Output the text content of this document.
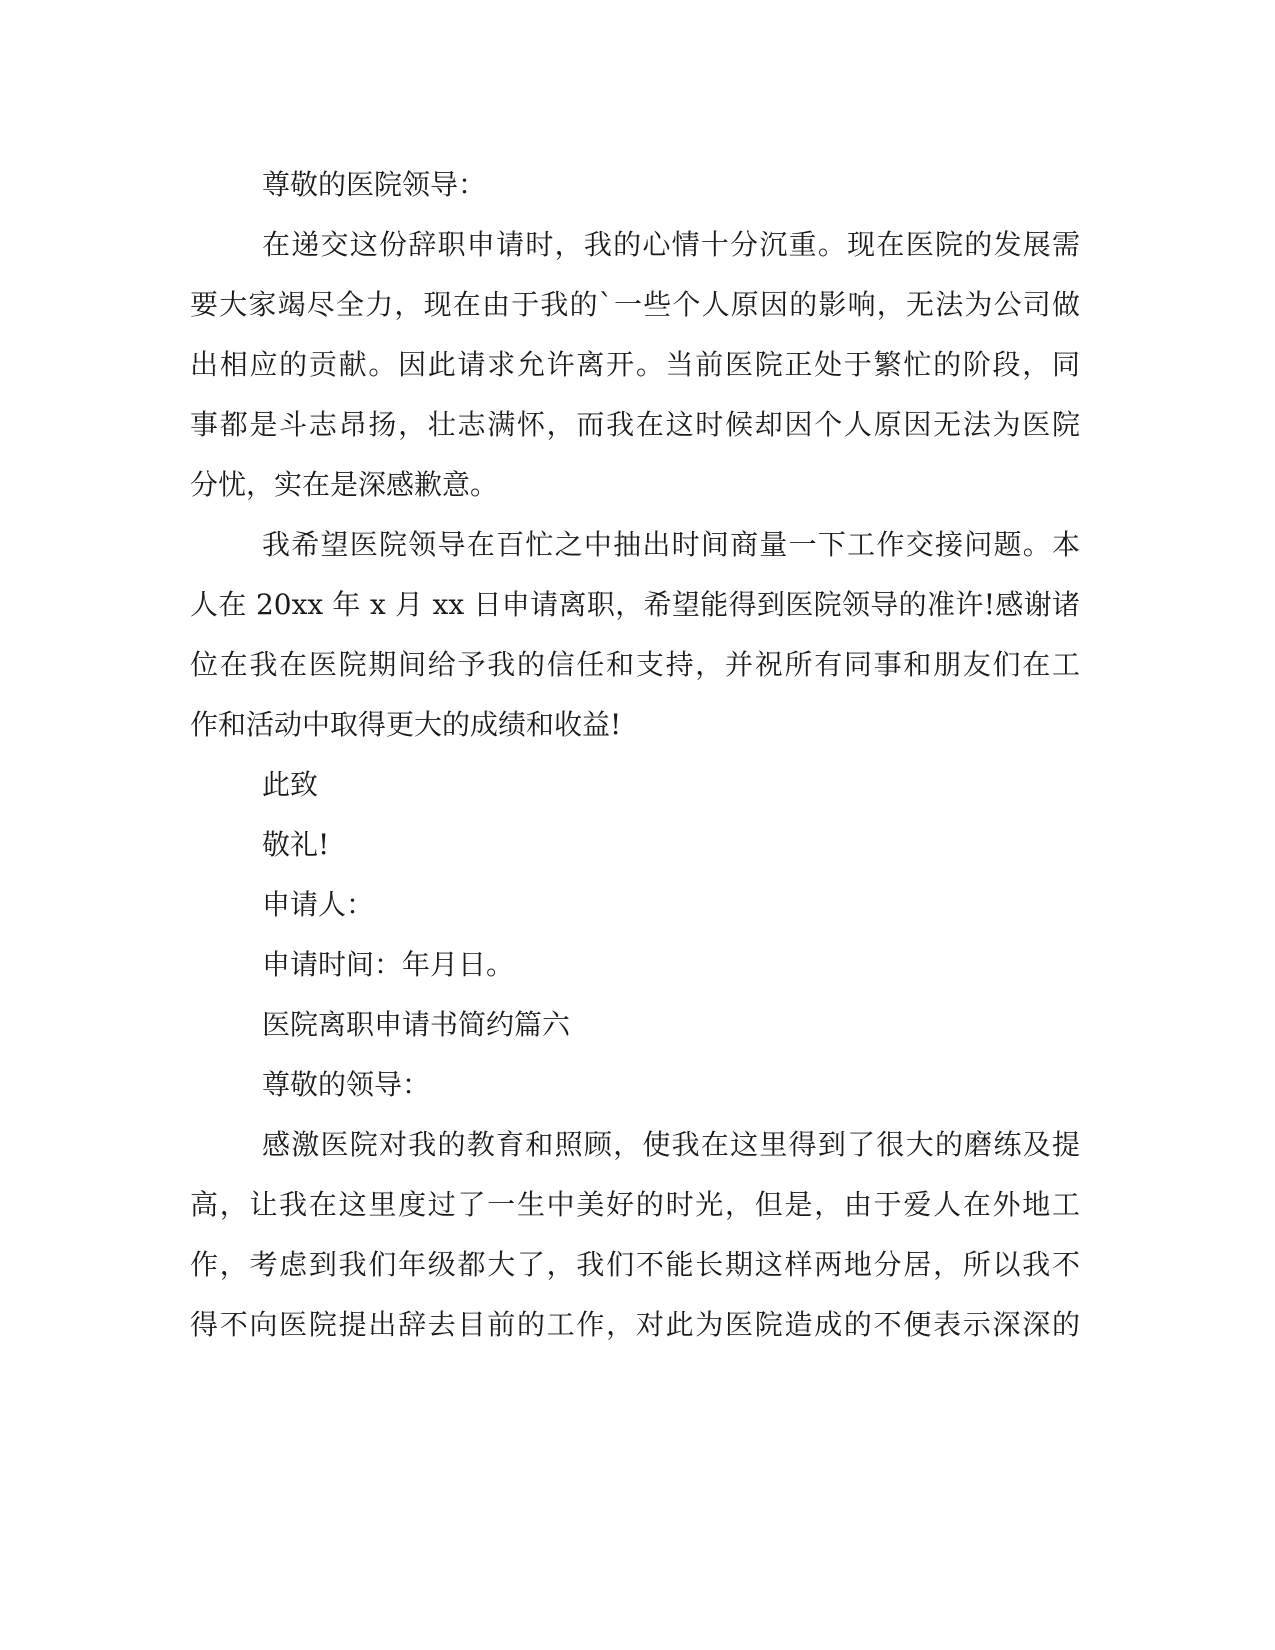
尊敬的医院领导：
在递交这份辞职申请时，我的心情十分沉重。现在医院的发展需
要大家竭尽全力，现在由于我的`一些个人原因的影响，无法为公司做
出相应的贡献。因此请求允许离开。当前医院正处于繁忙的阶段，同
事都是斗志昂扬，壮志满怀，而我在这时候却因个人原因无法为医院
分忧，实在是深感歉意。
我希望医院领导在百忙之中抽出时间商量一下工作交接问题。本
人在 20xx 年 x 月 xx 日申请离职，希望能得到医院领导的准许!感谢诸
位在我在医院期间给予我的信任和支持，并祝所有同事和朋友们在工
作和活动中取得更大的成绩和收益!
此致
敬礼!
申请人：
申请时间：年月日。
医院离职申请书简约篇六
尊敬的领导：
感激医院对我的教育和照顾，使我在这里得到了很大的磨练及提
高，让我在这里度过了一生中美好的时光，但是，由于爱人在外地工
作，考虑到我们年级都大了，我们不能长期这样两地分居，所以我不
得不向医院提出辞去目前的工作，对此为医院造成的不便表示深深的
